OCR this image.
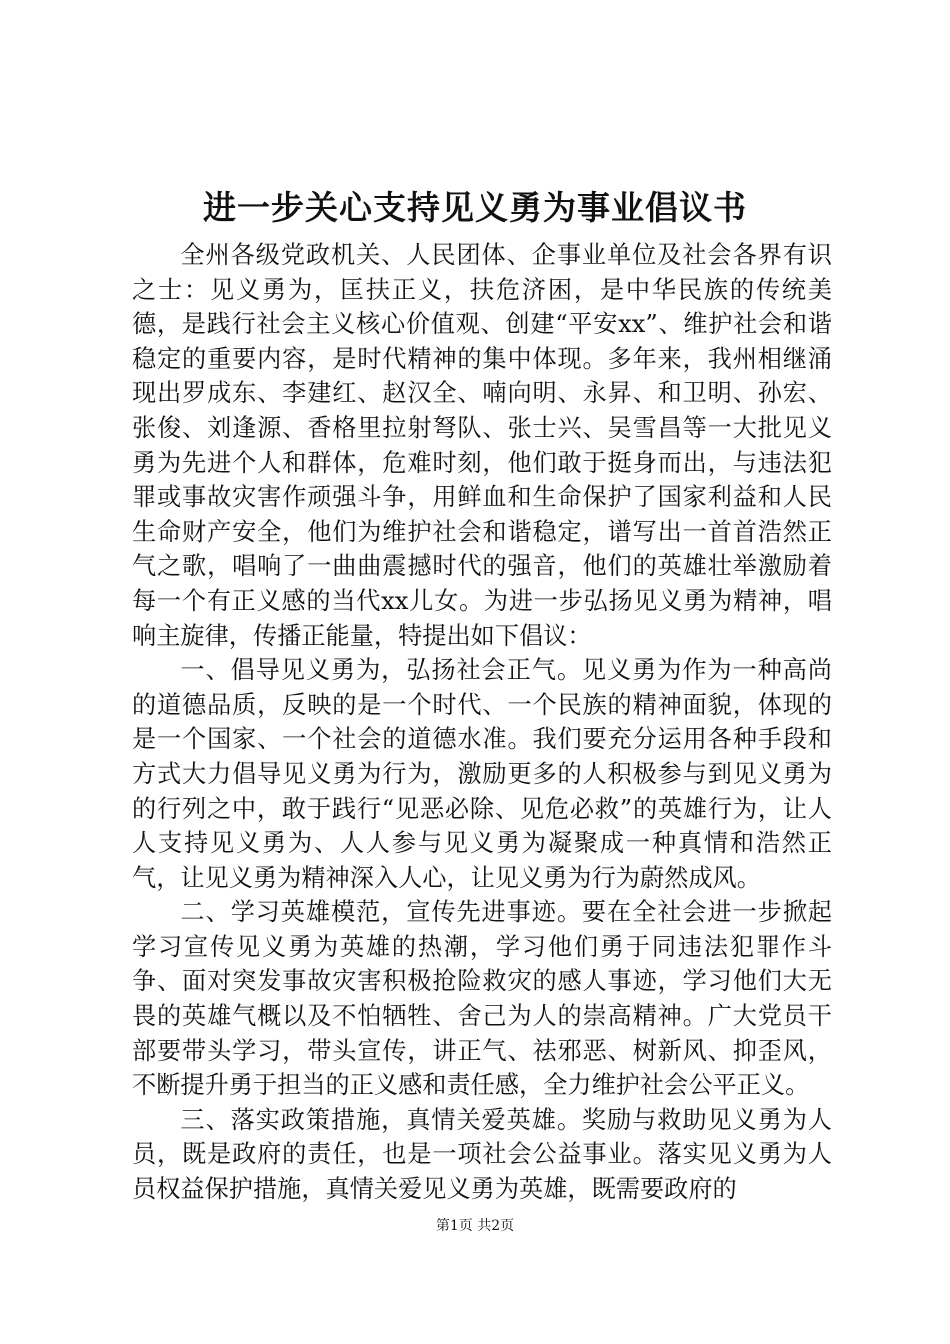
进一步关心支持见义勇为事业倡议书

全州各级党政机关、人民团体、企事业单位及社会各界有识之士：见义勇为，匡扶正义，扶危济困，是中华民族的传统美德，是践行社会主义核心价值观、创建“平安xx”、维护社会和谐稳定的重要内容，是时代精神的集中体现。多年来，我州相继涌现出罗成东、李建红、赵汉全、喃向明、永昇、和卫明、孙宏、张俊、刘逢源、香格里拉射弩队、张士兴、吴雪昌等一大批见义勇为先进个人和群体，危难时刻，他们敢于挺身而出，与违法犯罪或事故灾害作顽强斗争，用鲜血和生命保护了国家利益和人民生命财产安全，他们为维护社会和谐稳定，谱写出一首首浩然正气之歌，唱响了一曲曲震撼时代的强音，他们的英雄壮举激励着每一个有正义感的当代xx儿女。为进一步弘扬见义勇为精神，唱响主旋律，传播正能量，特提出如下倡议：

一、倡导见义勇为，弘扬社会正气。见义勇为作为一种高尚的道德品质，反映的是一个时代、一个民族的精神面貌，体现的是一个国家、一个社会的道德水准。我们要充分运用各种手段和方式大力倡导见义勇为行为，激励更多的人积极参与到见义勇为的行列之中，敢于践行“见恶必除、见危必救”的英雄行为，让人人支持见义勇为、人人参与见义勇为凝聚成一种真情和浩然正气，让见义勇为精神深入人心，让见义勇为行为蔚然成风。

二、学习英雄模范，宣传先进事迹。要在全社会进一步掀起学习宣传见义勇为英雄的热潮，学习他们勇于同违法犯罪作斗争、面对突发事故灾害积极抢险救灾的感人事迹，学习他们大无畏的英雄气概以及不怕牺牲、舍己为人的崇高精神。广大党员干部要带头学习，带头宣传，讲正气、祛邪恶、树新风、抑歪风，不断提升勇于担当的正义感和责任感，全力维护社会公平正义。

三、落实政策措施，真情关爱英雄。奖励与救助见义勇为人员，既是政府的责任，也是一项社会公益事业。落实见义勇为人员权益保护措施，真情关爱见义勇为英雄，既需要政府的

第1页 共2页
